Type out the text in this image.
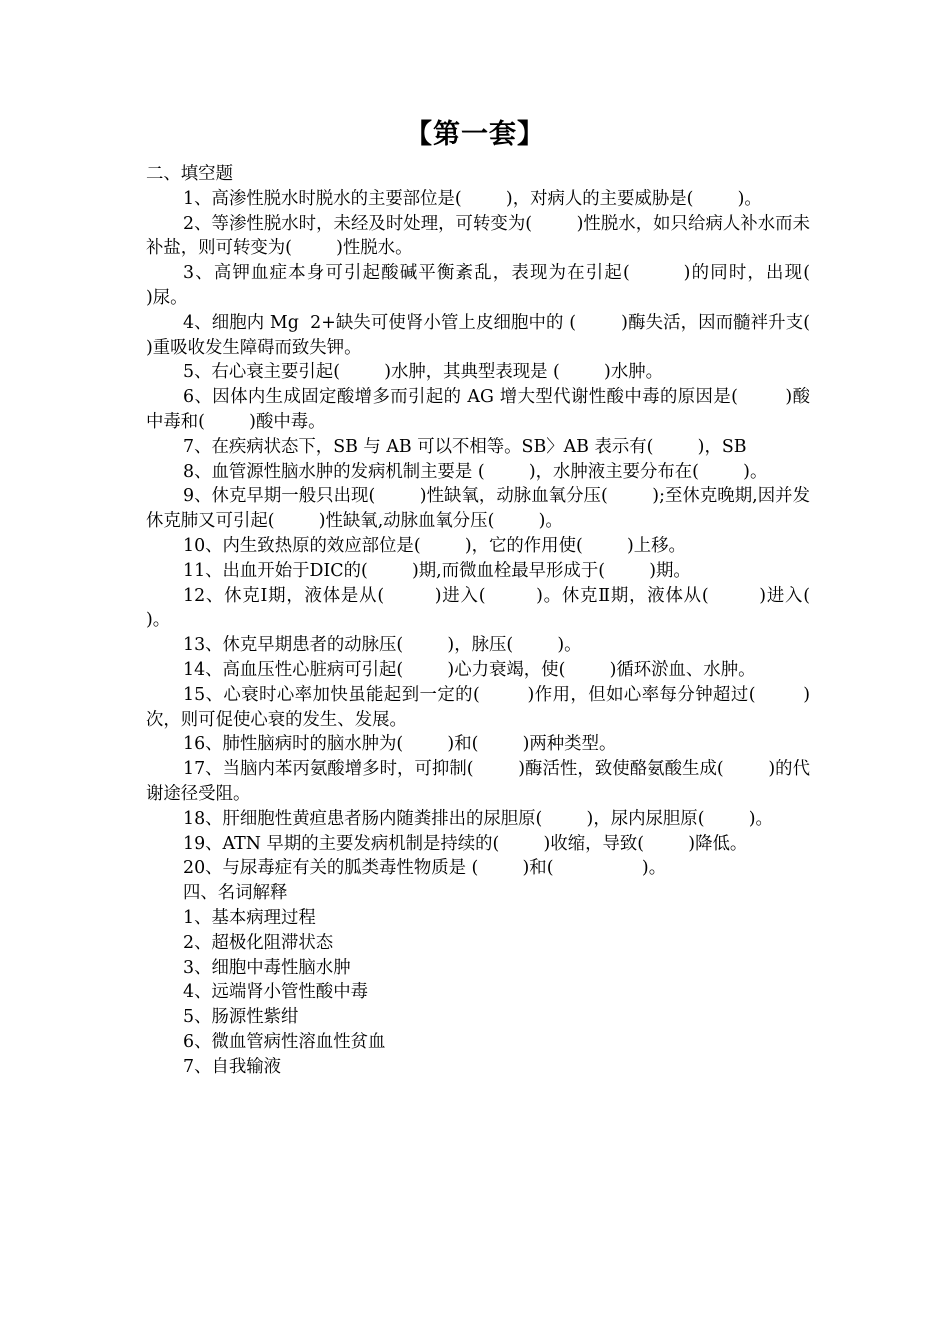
【第一套】
二、填空题
1、高渗性脱水时脱水的主要部位是(        )，对病人的主要威胁是(        )。
2、等渗性脱水时，未经及时处理，可转变为(        )性脱水，如只给病人补水而未补盐，则可转变为(        )性脱水。
3、高钾血症本身可引起酸碱平衡紊乱，表现为在引起(        )的同时，出现(        )尿。
4、细胞内 Mg  2+缺失可使肾小管上皮细胞中的 (        )酶失活，因而髓袢升支(        )重吸收发生障碍而致失钾。
5、右心衰主要引起(        )水肿，其典型表现是 (        )水肿。
6、因体内生成固定酸增多而引起的 AG 增大型代谢性酸中毒的原因是(        )酸中毒和(        )酸中毒。
7、在疾病状态下，SB 与 AB 可以不相等。SB〉AB 表示有(        )，SB
8、血管源性脑水肿的发病机制主要是 (        )，水肿液主要分布在(        )。
9、休克早期一般只出现(        )性缺氧，动脉血氧分压(        );至休克晚期,因并发休克肺又可引起(        )性缺氧,动脉血氧分压(        )。
10、内生致热原的效应部位是(        )，它的作用使(        )上移。
11、出血开始于DIC的(        )期,而微血栓最早形成于(        )期。
12、休克Ⅰ期，液体是从(        )进入(        )。休克Ⅱ期，液体从(        )进入(        )。
13、休克早期患者的动脉压(        )，脉压(        )。
14、高血压性心脏病可引起(        )心力衰竭，使(        )循环淤血、水肿。
15、心衰时心率加快虽能起到一定的(        )作用，但如心率每分钟超过(        )次，则可促使心衰的发生、发展。
16、肺性脑病时的脑水肿为(        )和(        )两种类型。
17、当脑内苯丙氨酸增多时，可抑制(        )酶活性，致使酪氨酸生成(        )的代谢途径受阻。
18、肝细胞性黄疸患者肠内随粪排出的尿胆原(        )，尿内尿胆原(        )。
19、ATN 早期的主要发病机制是持续的(        )收缩，导致(        )降低。
20、与尿毒症有关的胍类毒性物质是 (        )和(                )。
四、名词解释
1、基本病理过程
2、超极化阻滞状态
3、细胞中毒性脑水肿
4、远端肾小管性酸中毒
5、肠源性紫绀
6、微血管病性溶血性贫血
7、自我输液
